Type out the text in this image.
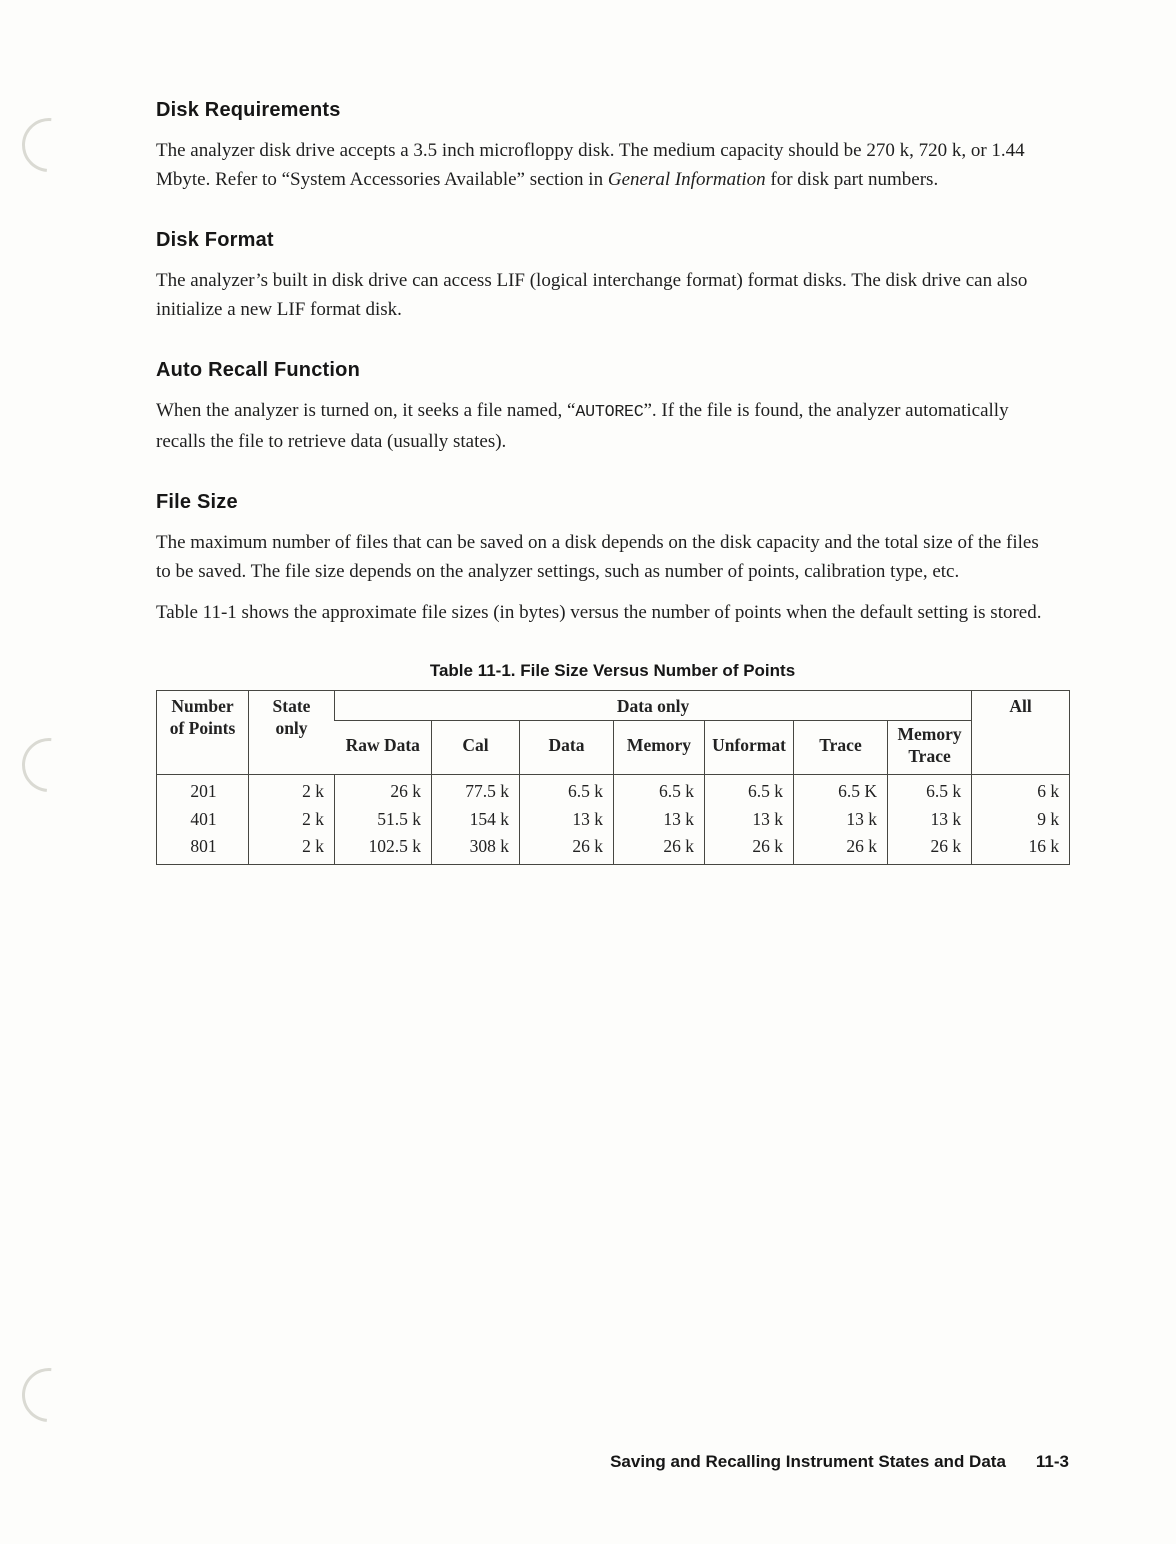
Disk Requirements

The analyzer disk drive accepts a 3.5 inch microfloppy disk. The medium capacity should be 270 k, 720 k, or 1.44 Mbyte. Refer to “System Accessories Available” section in General Information for disk part numbers.

Disk Format

The analyzer’s built in disk drive can access LIF (logical interchange format) format disks. The disk drive can also initialize a new LIF format disk.

Auto Recall Function

When the analyzer is turned on, it seeks a file named, “AUTOREC”. If the file is found, the analyzer automatically recalls the file to retrieve data (usually states).

File Size

The maximum number of files that can be saved on a disk depends on the disk capacity and the total size of the files to be saved. The file size depends on the analyzer settings, such as number of points, calibration type, etc.

Table 11-1 shows the approximate file sizes (in bytes) versus the number of points when the default setting is stored.

Table 11-1. File Size Versus Number of Points
Number of Points	State only	Data only							All
		Raw Data	Cal	Data	Memory	Unformat	Trace	Memory Trace	
201	2 k	26 k	77.5 k	6.5 k	6.5 k	6.5 k	6.5 K	6.5 k	6 k
401	2 k	51.5 k	154 k	13 k	13 k	13 k	13 k	13 k	9 k
801	2 k	102.5 k	308 k	26 k	26 k	26 k	26 k	26 k	16 k
Saving and Recalling Instrument States and Data 11-3
